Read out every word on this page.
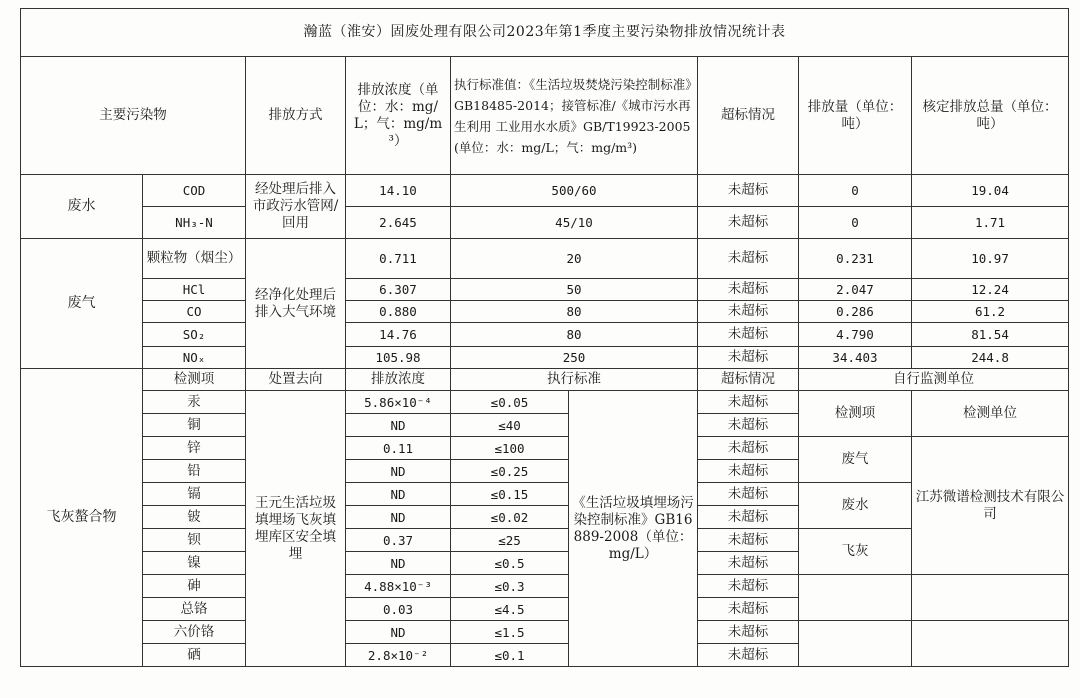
瀚蓝（淮安）固废处理有限公司2023年第1季度主要污染物排放情况统计表								
主要污染物		排放方式	排放浓度（单位：水：mg/L；气：mg/m³）	执行标准值：《生活垃圾焚烧污染控制标准》GB18485-2014；接管标准/《城市污水再生利用 工业用水水质》GB/T19923-2005(单位：水：mg/L；气：mg/m³)		超标情况	排放量（单位：吨）	核定排放总量（单位：吨）
废水	COD	经处理后排入市政污水管网/回用	14.10	500/60		未超标	0	19.04
	NH₃-N		2.645	45/10		未超标	0	1.71
废气	颗粒物（烟尘）	经净化处理后排入大气环境	0.711	20		未超标	0.231	10.97
	HCl		6.307	50		未超标	2.047	12.24
	CO		0.880	80		未超标	0.286	61.2
	SO₂		14.76	80		未超标	4.790	81.54
	NOₓ		105.98	250		未超标	34.403	244.8
飞灰螯合物	检测项	处置去向	排放浓度	执行标准		超标情况	自行监测单位	
	汞	王元生活垃圾填埋场飞灰填埋库区安全填埋	5.86×10⁻⁴	≤0.05	《生活垃圾填埋场污染控制标准》GB16889-2008（单位：mg/L）	未超标	检测项	检测单位
	铜		ND	≤40		未超标		
	锌		0.11	≤100		未超标	废气	江苏微谱检测技术有限公司
	铅		ND	≤0.25		未超标		
	镉		ND	≤0.15		未超标	废水	
	铍		ND	≤0.02		未超标		
	钡		0.37	≤25		未超标	飞灰	
	镍		ND	≤0.5		未超标		
	砷		4.88×10⁻³	≤0.3		未超标		
	总铬		0.03	≤4.5		未超标		
	六价铬		ND	≤1.5		未超标		
	硒		2.8×10⁻²	≤0.1		未超标		
